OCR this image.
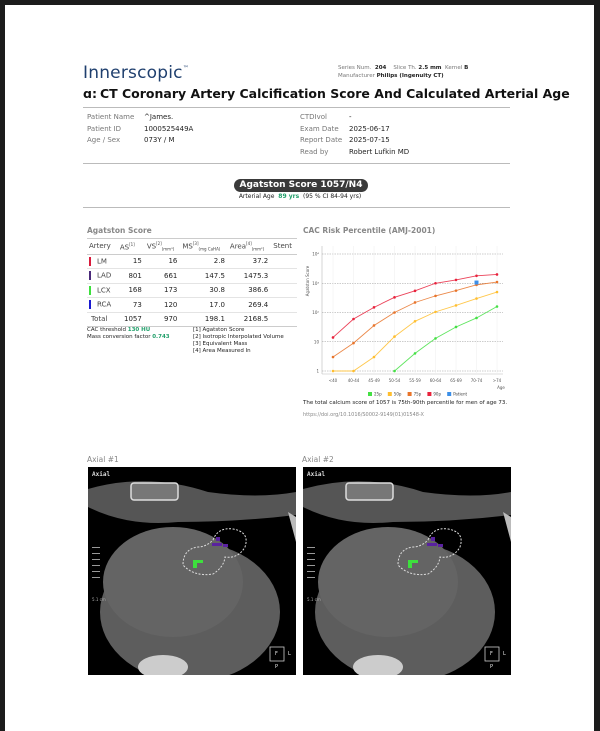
Innerscopic™	Series Num. 204 Slice Th. 2.5 mm Kernel B
Manufacturer Philips (Ingenuity CT)
ɑ: CT Coronary Artery Calcification Score And Calculated Arterial Age
Patient Name ^James.
Patient ID	1000525449A
Age / Sex	073Y / M
CTDIvol	-
Exam Date 2025-06-17
Report Date 2025-07-15
Read by	Robert Lufkin MD
Agatston Score 1057/N4
Arterial Age 89 yrs (95 % CI 84-94 yrs)
Agatston Score
Artery	AS[1]	$VS[2]_{(mm^3)}$	$MS[3]_{(mg CaHA)}$	Area[4]$_{(mm^2)}$	Stent
LM	15	16	2.8	37.2	
LAD	801	661	147.5	1475.3	
LCX	168	173	30.8	386.6	
RCA	73	120	17.0	269.4	
Total	1057	970	198.1	2168.5	
CAC threshold 130 HU
Mass conversion factor 0.743
[1] Agatston Score
[2] Isotropic Interpolated Volume
[3] Equivalent Mass
[4] Area Measured In
CAC Risk Percentile (AMJ-2001)
1
10
10²
10³
10⁴
<40	40-44 45-49 50-54 55-59 60-64 65-69 70-74	>74
Age
Agatston Score
25p	50p	75p	90p	Patient
The total calcium score of 1057 is 75th-90th percentile for men of age 73.
https://doi.org/10.1016/S0002-9149(01)01548-X
Axial #1
Axial
5.1 cm
F L
P
Axial #2
Axial
5.1 cm
F L
P
